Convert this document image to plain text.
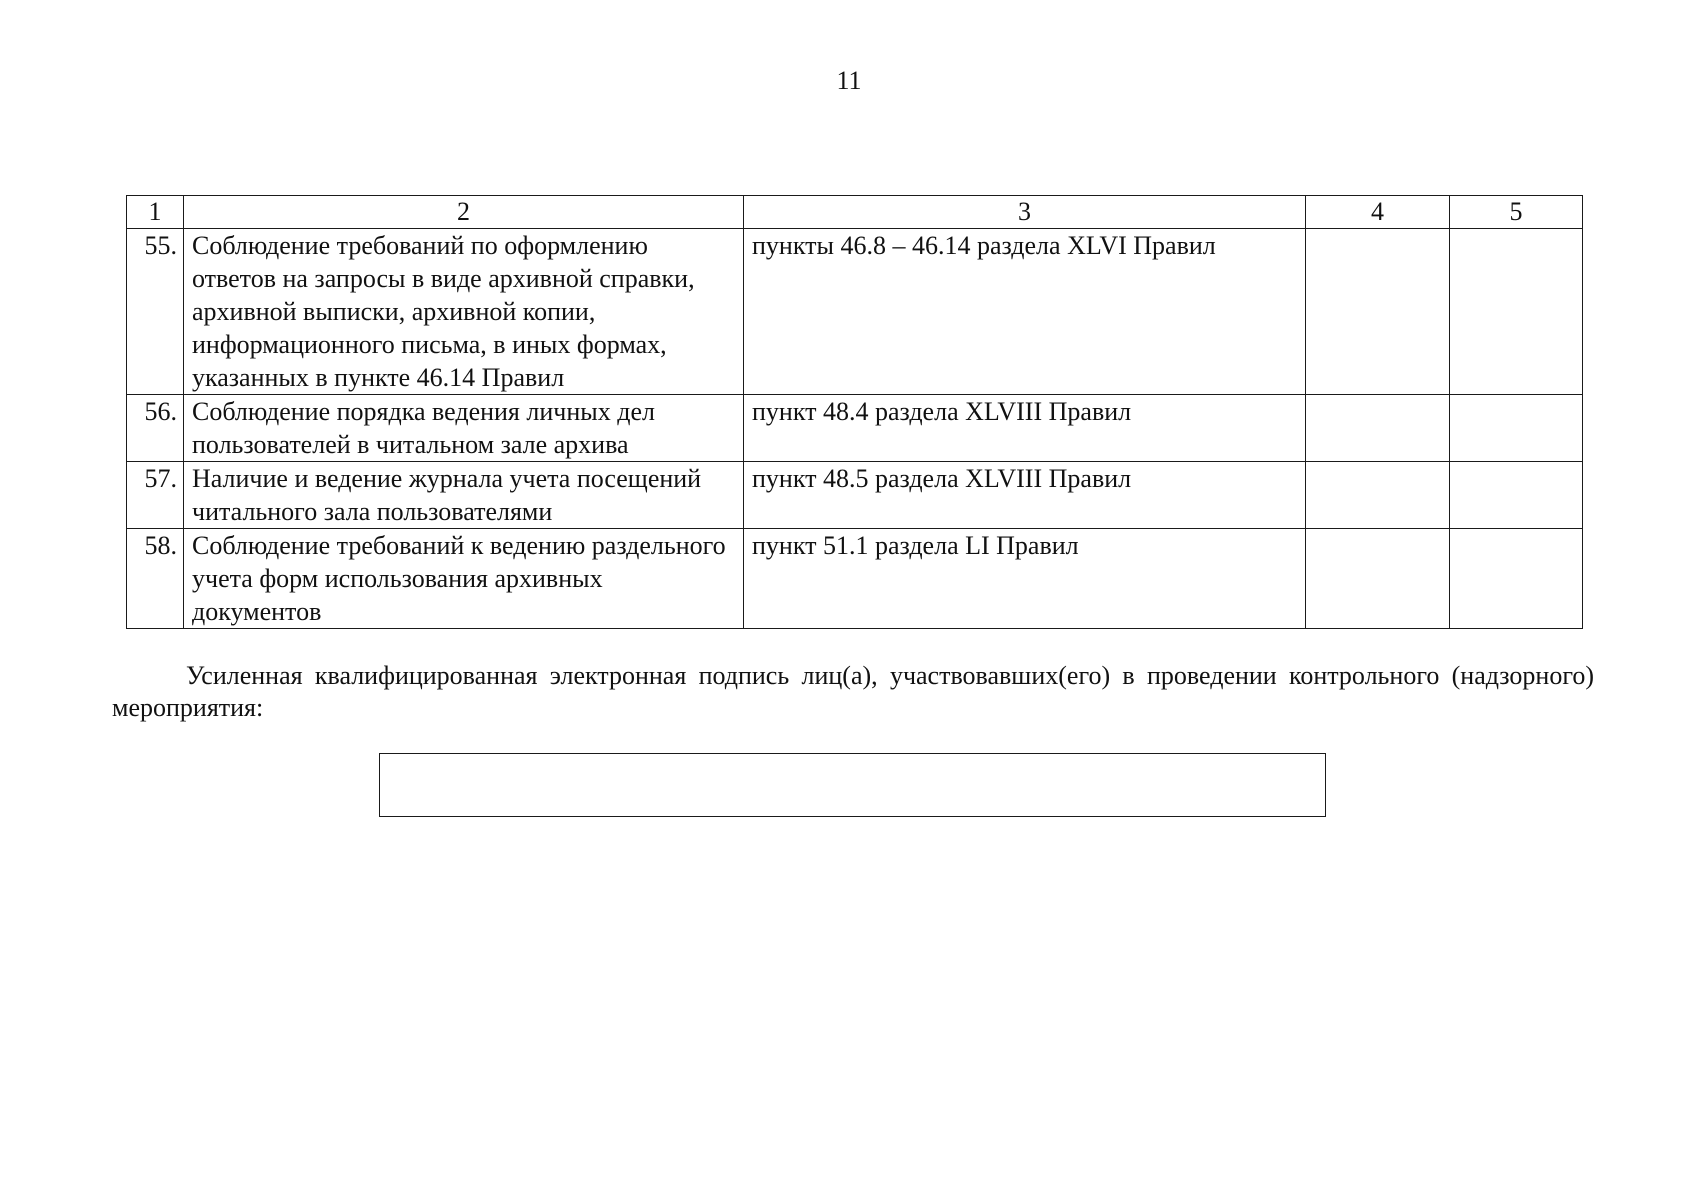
11
1	2	3	4	5
55.	Соблюдение требований по оформлению ответов на запросы в виде архивной справки, архивной выписки, архивной копии, информационного письма, в иных формах, указанных в пункте 46.14 Правил	пункты 46.8 – 46.14 раздела XLVI Правил		
56.	Соблюдение порядка ведения личных дел пользователей в читальном зале архива	пункт 48.4 раздела XLVIII Правил		
57.	Наличие и ведение журнала учета посещений читального зала пользователями	пункт 48.5 раздела XLVIII Правил		
58.	Соблюдение требований к ведению раздельного учета форм использования архивных документов	пункт 51.1 раздела LI Правил		
Усиленная квалифицированная электронная подпись лиц(а), участвовавших(его) в проведении контрольного (надзорного) мероприятия:
